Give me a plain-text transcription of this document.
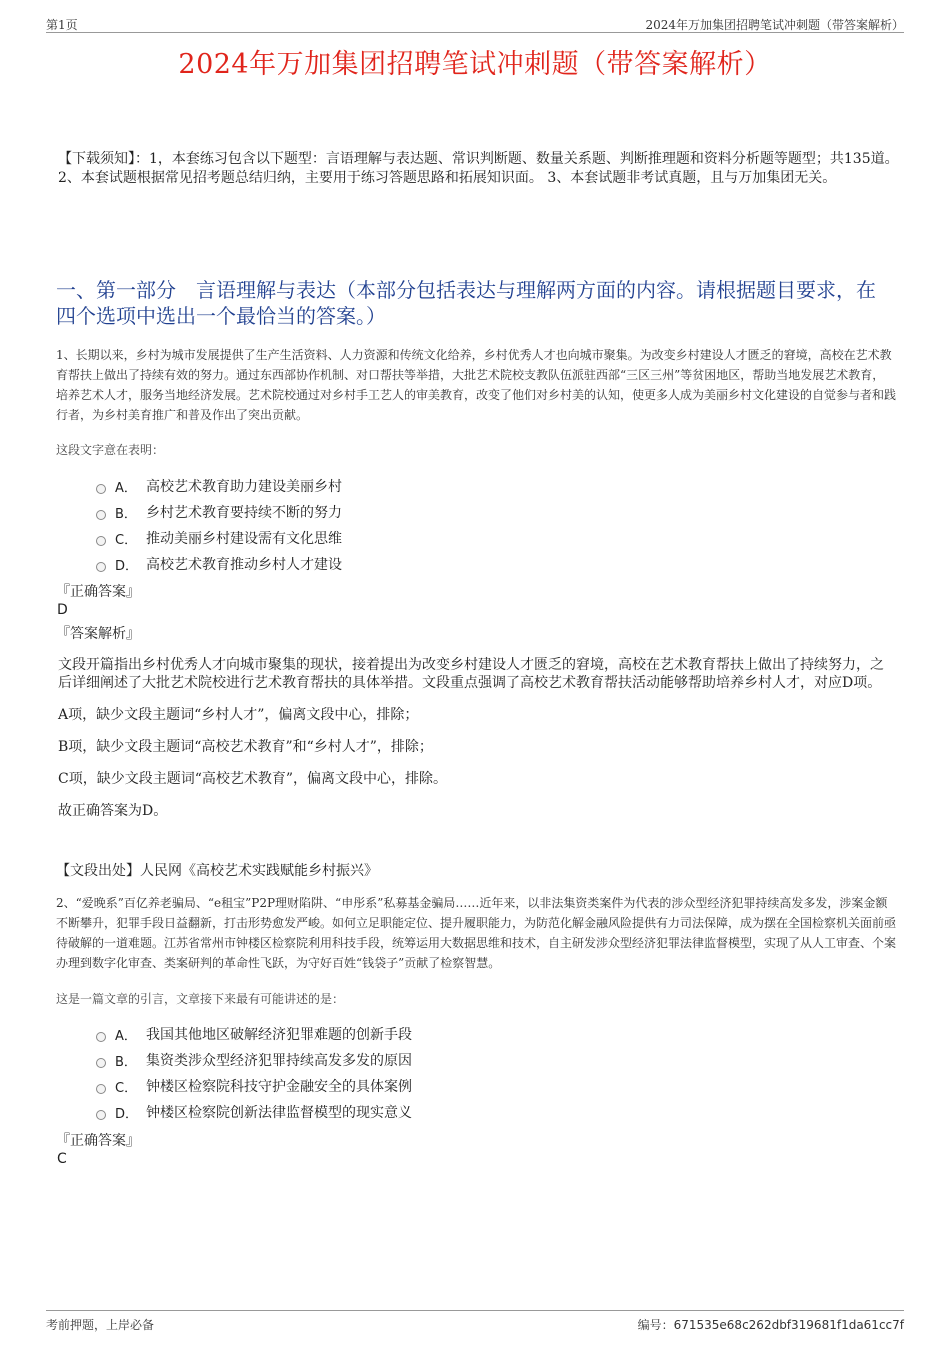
第1页	2024年万加集团招聘笔试冲刺题（带答案解析）
2024年万加集团招聘笔试冲刺题（带答案解析）
【下载须知】：1，本套练习包含以下题型：言语理解与表达题、常识判断题、数量关系题、判断推理题和资料分析题等题型；共135道。 2、本套试题根据常见招考题总结归纳，主要用于练习答题思路和拓展知识面。 3、本套试题非考试真题，且与万加集团无关。
一、第一部分　言语理解与表达（本部分包括表达与理解两方面的内容。请根据题目要求，在四个选项中选出一个最恰当的答案。）
1、长期以来，乡村为城市发展提供了生产生活资料、人力资源和传统文化给养，乡村优秀人才也向城市聚集。为改变乡村建设人才匮乏的窘境，高校在艺术教育帮扶上做出了持续有效的努力。通过东西部协作机制、对口帮扶等举措，大批艺术院校支教队伍派驻西部“三区三州”等贫困地区，帮助当地发展艺术教育，培养艺术人才，服务当地经济发展。艺术院校通过对乡村手工艺人的审美教育，改变了他们对乡村美的认知，使更多人成为美丽乡村文化建设的自觉参与者和践行者，为乡村美育推广和普及作出了突出贡献。
这段文字意在表明：
A． 高校艺术教育助力建设美丽乡村
B． 乡村艺术教育要持续不断的努力
C． 推动美丽乡村建设需有文化思维
D． 高校艺术教育推动乡村人才建设
『正确答案』
D
『答案解析』

文段开篇指出乡村优秀人才向城市聚集的现状，接着提出为改变乡村建设人才匮乏的窘境，高校在艺术教育帮扶上做出了持续努力，之后详细阐述了大批艺术院校进行艺术教育帮扶的具体举措。文段重点强调了高校艺术教育帮扶活动能够帮助培养乡村人才，对应D项。

A项，缺少文段主题词“乡村人才”，偏离文段中心，排除；

B项，缺少文段主题词“高校艺术教育”和“乡村人才”，排除；

C项，缺少文段主题词“高校艺术教育”，偏离文段中心，排除。

故正确答案为D。

【文段出处】人民网《高校艺术实践赋能乡村振兴》
2、“爱晚系”百亿养老骗局、“e租宝”P2P理财陷阱、“申彤系”私募基金骗局……近年来，以非法集资类案件为代表的涉众型经济犯罪持续高发多发，涉案金额不断攀升，犯罪手段日益翻新，打击形势愈发严峻。如何立足职能定位、提升履职能力，为防范化解金融风险提供有力司法保障，成为摆在全国检察机关面前亟待破解的一道难题。江苏省常州市钟楼区检察院利用科技手段，统筹运用大数据思维和技术，自主研发涉众型经济犯罪法律监督模型，实现了从人工审查、个案办理到数字化审查、类案研判的革命性飞跃，为守好百姓“钱袋子”贡献了检察智慧。
这是一篇文章的引言，文章接下来最有可能讲述的是：
A． 我国其他地区破解经济犯罪难题的创新手段
B． 集资类涉众型经济犯罪持续高发多发的原因
C． 钟楼区检察院科技守护金融安全的具体案例
D． 钟楼区检察院创新法律监督模型的现实意义
『正确答案』
C
考前押题，上岸必备	编号：671535e68c262dbf319681f1da61cc7f
